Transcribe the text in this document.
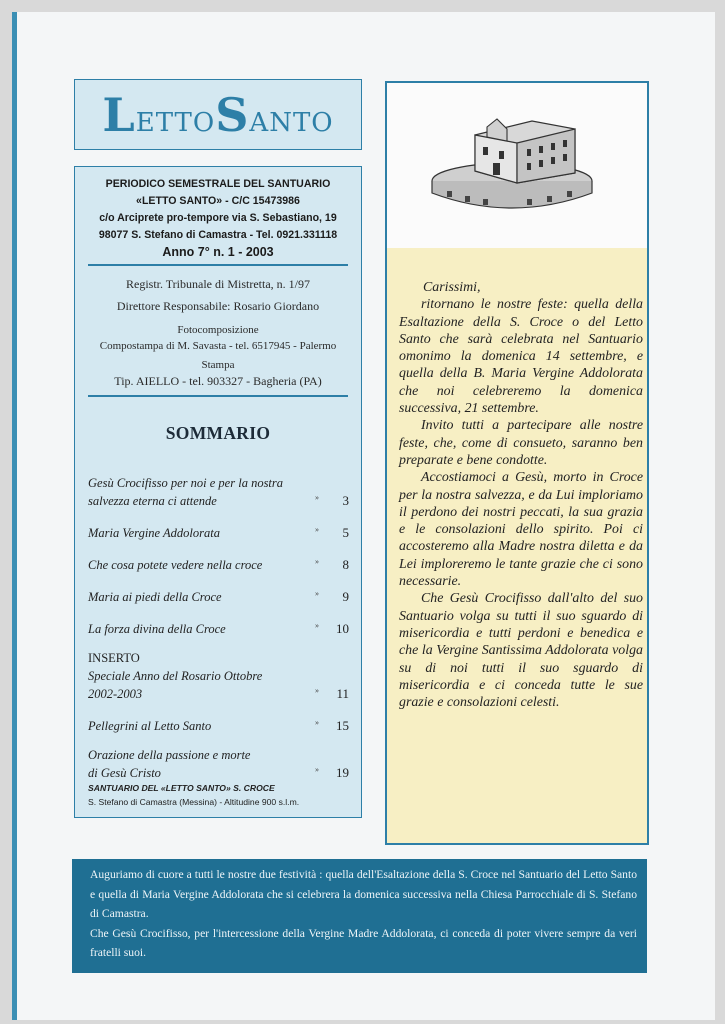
L ETTO S ANTO
PERIODICO SEMESTRALE DEL SANTUARIO
«LETTO SANTO» - C/C 15473986
c/o Arciprete pro-tempore via S. Sebastiano, 19
98077 S. Stefano di Camastra - Tel. 0921.331118
Anno 7° n. 1 - 2003
Registr. Tribunale di Mistretta, n. 1/97
Direttore Responsabile: Rosario Giordano
Fotocomposizione
Compostampa di M. Savasta - tel. 6517945 - Palermo
Stampa
Tip. AIELLO - tel. 903327 - Bagheria (PA)
SOMMARIO
Gesù Crocifisso per noi e per la nostra salvezza eterna ci attende	»	3
Maria Vergine Addolorata	»	5
Che cosa potete vedere nella croce	»	8
Maria ai piedi della Croce	»	9
La forza divina della Croce	»	10
INSERTO
Speciale Anno del Rosario Ottobre 2002-2003	»	11
Pellegrini al Letto Santo	»	15
Orazione della passione e morte di Gesù Cristo	»	19
SANTUARIO DEL «LETTO SANTO» S. CROCE
S. Stefano di Camastra (Messina) - Altitudine 900 s.l.m.

Carissimi,

ritornano le nostre feste: quella della Esaltazione della S. Croce o del Letto Santo che sarà celebrata nel Santuario omonimo la domenica 14 settembre, e quella della B. Maria Vergine Addolorata che noi celebreremo la domenica successiva, 21 settembre.

Invito tutti a partecipare alle nostre feste, che, come di consueto, saranno ben preparate e bene condotte.

Accostiamoci a Gesù, morto in Croce per la nostra salvezza, e da Lui imploriamo il perdono dei nostri peccati, la sua grazia e le consolazioni dello spirito. Poi ci accosteremo alla Madre nostra diletta e da Lei imploreremo le tante grazie che ci sono necessarie.

Che Gesù Crocifisso dall'alto del suo Santuario volga su tutti il suo sguardo di misericordia e tutti perdoni e benedica e che la Vergine Santissima Addolorata volga su di noi tutti il suo sguardo di misericordia e ci conceda tutte le sue grazie e consolazioni celesti.

Auguriamo di cuore a tutti le nostre due festività : quella dell'Esaltazione della S. Croce nel Santuario del Letto Santo e quella di Maria Vergine Addolorata che si celebrera la domenica successiva nella Chiesa Parrocchiale di S. Stefano di Camastra.

Che Gesù Crocifisso, per l'intercessione della Vergine Madre Addolorata, ci conceda di poter vivere sempre da veri fratelli suoi.
